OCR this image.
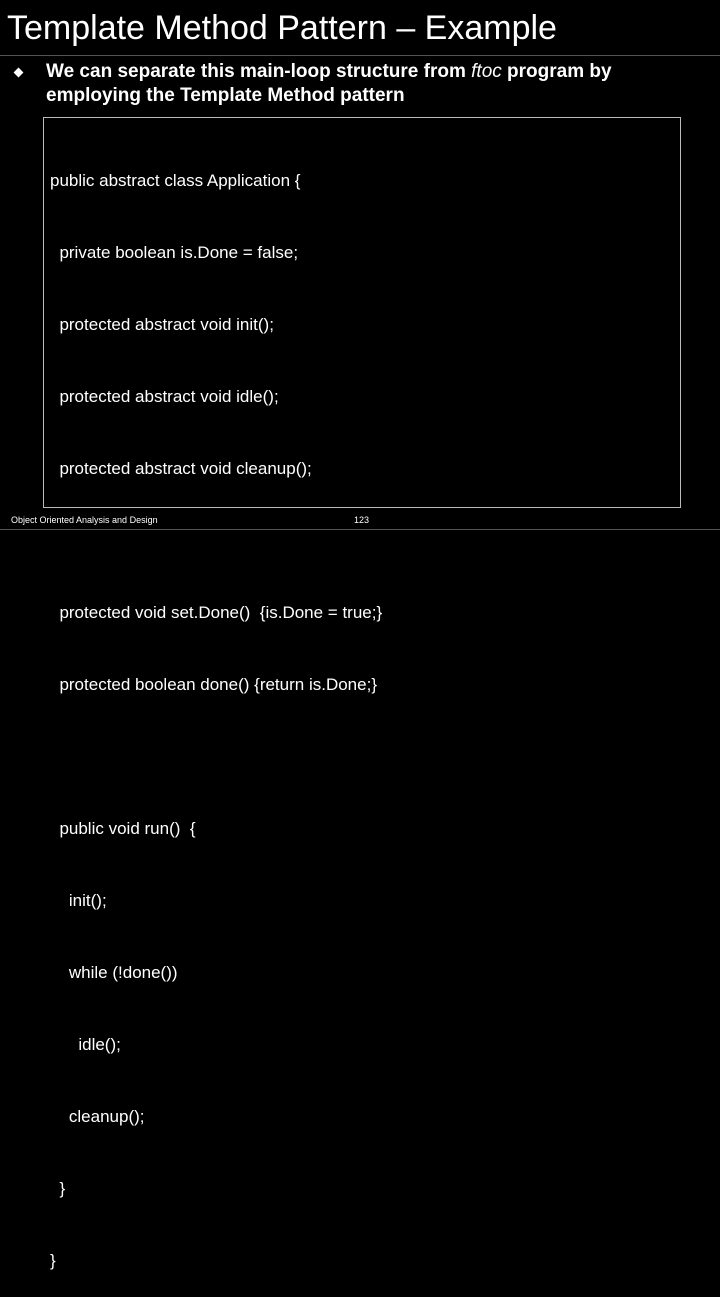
Template Method Pattern – Example
We can separate this main-loop structure from ftoc program by employing the Template Method pattern

public abstract class Application {

private boolean is.Done = false;

protected abstract void init();

protected abstract void idle();

protected abstract void cleanup();

protected void set.Done()  {is.Done = true;}

protected boolean done() {return is.Done;}

public void run()  {

init();

while (!done())

idle();

cleanup();

}

}

Object Oriented Analysis and Design	123
